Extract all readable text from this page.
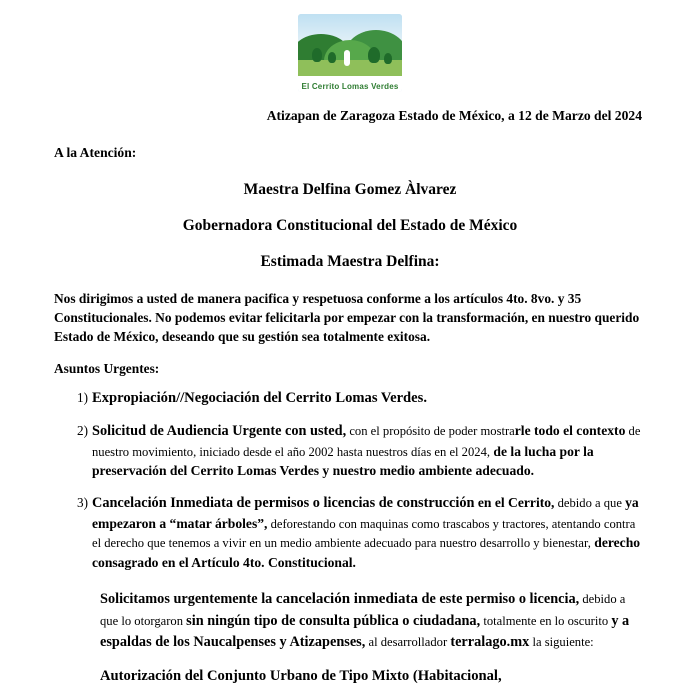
El Cerrito Lomas Verdes
Atizapan de Zaragoza Estado de México, a 12 de Marzo del 2024
A la Atención:
Maestra Delfina Gomez Àlvarez
Gobernadora Constitucional del Estado de México
Estimada Maestra Delfina:
Nos dirigimos a usted de manera pacifica y respetuosa conforme a los artículos 4to. 8vo. y 35 Constitucionales. No podemos evitar felicitarla por empezar con la transformación, en nuestro querido Estado de México, deseando que su gestión sea totalmente exitosa.
Asuntos Urgentes:
1) Expropiación//Negociación del Cerrito Lomas Verdes.
2) Solicitud de Audiencia Urgente con usted, con el propósito de poder mostrarle todo el contexto de nuestro movimiento, iniciado desde el año 2002 hasta nuestros días en el 2024, de la lucha por la preservación del Cerrito Lomas Verdes y nuestro medio ambiente adecuado.
3) Cancelación Inmediata de permisos o licencias de construcción en el Cerrito, debido a que ya empezaron a “matar árboles”, deforestando con maquinas como trascabos y tractores, atentando contra el derecho que tenemos a vivir en un medio ambiente adecuado para nuestro desarrollo y bienestar, derecho consagrado en el Artículo 4to. Constitucional.
Solicitamos urgentemente la cancelación inmediata de este permiso o licencia, debido a que lo otorgaron sin ningún tipo de consulta pública o ciudadana, totalmente en lo oscurito y a espaldas de los Naucalpenses y Atizapenses, al desarrollador terralago.mx la siguiente:
Autorización del Conjunto Urbano de Tipo Mixto (Habitacional,
